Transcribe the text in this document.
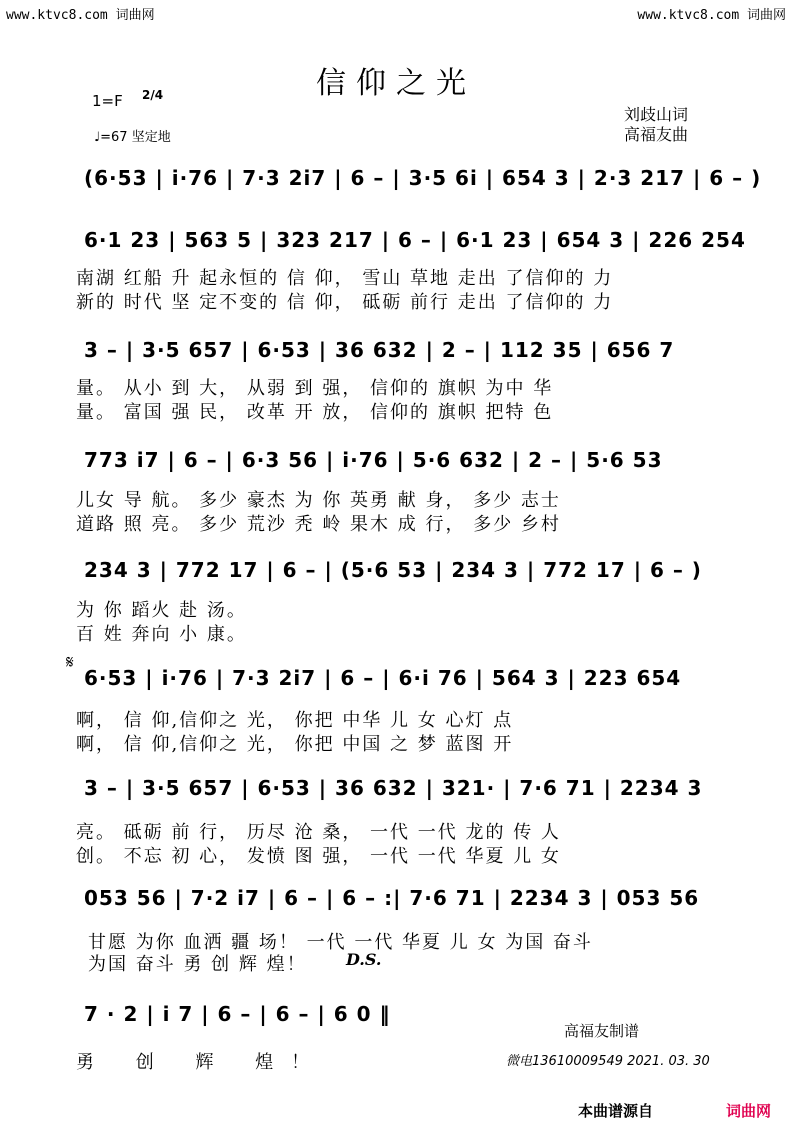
www.ktvc8.com 词曲网	www.ktvc8.com 词曲网
信仰之光
1=F 2/4
♩=67 坚定地
刘歧山词
高福友曲
(6·53 | i·76 | 7·3 2i7 | 6 – | 3·5 6i | 654 3 | 2·3 217 | 6 – )
6·1 23 | 563 5 | 323 217 | 6 – | 6·1 23 | 654 3 | 226 254
南湖 红船 升 起永恒的 信 仰， 雪山 草地 走出 了信仰的 力
新的 时代 坚 定不变的 信 仰， 砥砺 前行 走出 了信仰的 力
3 – | 3·5 657 | 6·53 | 36 632 | 2 – | 112 35 | 656 7
量。 从小 到 大， 从弱 到 强， 信仰的 旗帜 为中 华
量。 富国 强 民， 改革 开 放， 信仰的 旗帜 把特 色
773 i7 | 6 – | 6·3 56 | i·76 | 5·6 632 | 2 – | 5·6 53
儿女 导 航。 多少 豪杰 为 你 英勇 献 身， 多少 志士
道路 照 亮。 多少 荒沙 秃 岭 果木 成 行， 多少 乡村
234 3 | 772 17 | 6 – | (5·6 53 | 234 3 | 772 17 | 6 – )
为 你 蹈火 赴 汤。
百 姓 奔向 小 康。
𝄋
6·53 | i·76 | 7·3 2i7 | 6 – | 6·i 76 | 564 3 | 223 654
啊， 信 仰,信仰之 光， 你把 中华 儿 女 心灯 点
啊， 信 仰,信仰之 光， 你把 中国 之 梦 蓝图 开
3 – | 3·5 657 | 6·53 | 36 632 | 321· | 7·6 71 | 2234 3
亮。 砥砺 前 行， 历尽 沧 桑， 一代 一代 龙的 传 人
创。 不忘 初 心， 发愤 图 强， 一代 一代 华夏 儿 女
053 56 | 7·2 i7 | 6 – | 6 – :| 7·6 71 | 2234 3 | 053 56
甘愿 为你 血洒 疆 场！ 一代 一代 华夏 儿 女 为国 奋斗
为国 奋斗 勇 创 辉 煌！ D.S.
7 · 2 | i 7 | 6 – | 6 – | 6 0 ‖
勇 创 辉 煌！
高福友制谱
微电13610009549 2021. 03. 30
本曲谱源自	词曲网
